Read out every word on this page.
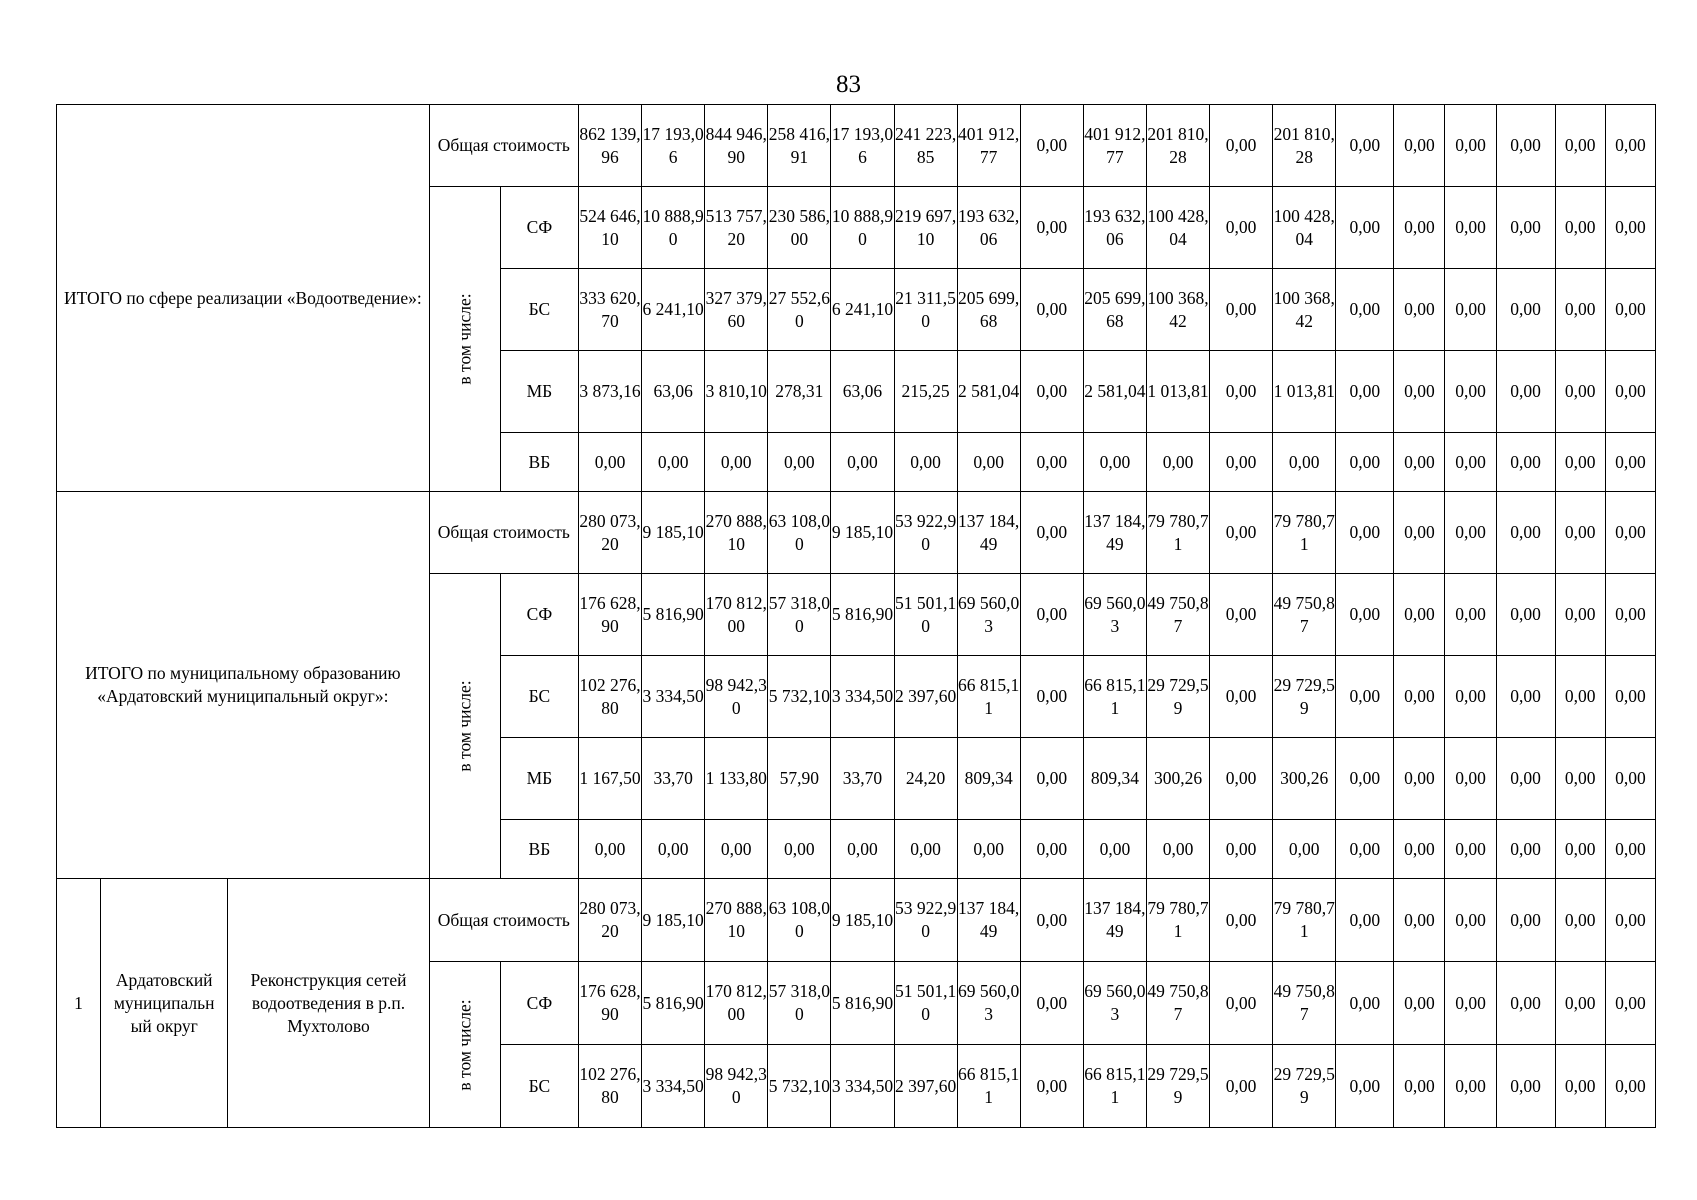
83
ИТОГО по сфере реализации «Водоотведение»:			Общая стоимость		862 139,96	17 193,06	844 946,90	258 416,91	17 193,06	241 223,85	401 912,77	0,00	401 912,77	201 810,28	0,00	201 810,28	0,00	0,00	0,00	0,00	0,00	0,00

			в том числе:	СФ	524 646,10	10 888,90	513 757,20	230 586,00	10 888,90	219 697,10	193 632,06	0,00	193 632,06	100 428,04	0,00	100 428,04	0,00	0,00	0,00	0,00	0,00	0,00
				БС	333 620,70	6 241,10	327 379,60	27 552,60	6 241,10	21 311,50	205 699,68	0,00	205 699,68	100 368,42	0,00	100 368,42	0,00	0,00	0,00	0,00	0,00	0,00
				МБ	3 873,16	63,06	3 810,10	278,31	63,06	215,25	2 581,04	0,00	2 581,04	1 013,81	0,00	1 013,81	0,00	0,00	0,00	0,00	0,00	0,00
				ВБ	0,00	0,00	0,00	0,00	0,00	0,00	0,00	0,00	0,00	0,00	0,00	0,00	0,00	0,00	0,00	0,00	0,00	0,00
ИТОГО по муниципальному образованию «Ардатовский муниципальный округ»:			Общая стоимость		280 073,20	9 185,10	270 888,10	63 108,00	9 185,10	53 922,90	137 184,49	0,00	137 184,49	79 780,71	0,00	79 780,71	0,00	0,00	0,00	0,00	0,00	0,00

			в том числе:	СФ	176 628,90	5 816,90	170 812,00	57 318,00	5 816,90	51 501,10	69 560,03	0,00	69 560,03	49 750,87	0,00	49 750,87	0,00	0,00	0,00	0,00	0,00	0,00
				БС	102 276,80	3 334,50	98 942,30	5 732,10	3 334,50	2 397,60	66 815,11	0,00	66 815,11	29 729,59	0,00	29 729,59	0,00	0,00	0,00	0,00	0,00	0,00
				МБ	1 167,50	33,70	1 133,80	57,90	33,70	24,20	809,34	0,00	809,34	300,26	0,00	300,26	0,00	0,00	0,00	0,00	0,00	0,00
				ВБ	0,00	0,00	0,00	0,00	0,00	0,00	0,00	0,00	0,00	0,00	0,00	0,00	0,00	0,00	0,00	0,00	0,00	0,00
1	Ардатовский муниципальный округ	Реконструкция сетей водоотведения в р.п. Мухтолово	Общая стоимость		280 073,20	9 185,10	270 888,10	63 108,00	9 185,10	53 922,90	137 184,49	0,00	137 184,49	79 780,71	0,00	79 780,71	0,00	0,00	0,00	0,00	0,00	0,00

			в том числе:	СФ	176 628,90	5 816,90	170 812,00	57 318,00	5 816,90	51 501,10	69 560,03	0,00	69 560,03	49 750,87	0,00	49 750,87	0,00	0,00	0,00	0,00	0,00	0,00
				БС	102 276,80	3 334,50	98 942,30	5 732,10	3 334,50	2 397,60	66 815,11	0,00	66 815,11	29 729,59	0,00	29 729,59	0,00	0,00	0,00	0,00	0,00	0,00
